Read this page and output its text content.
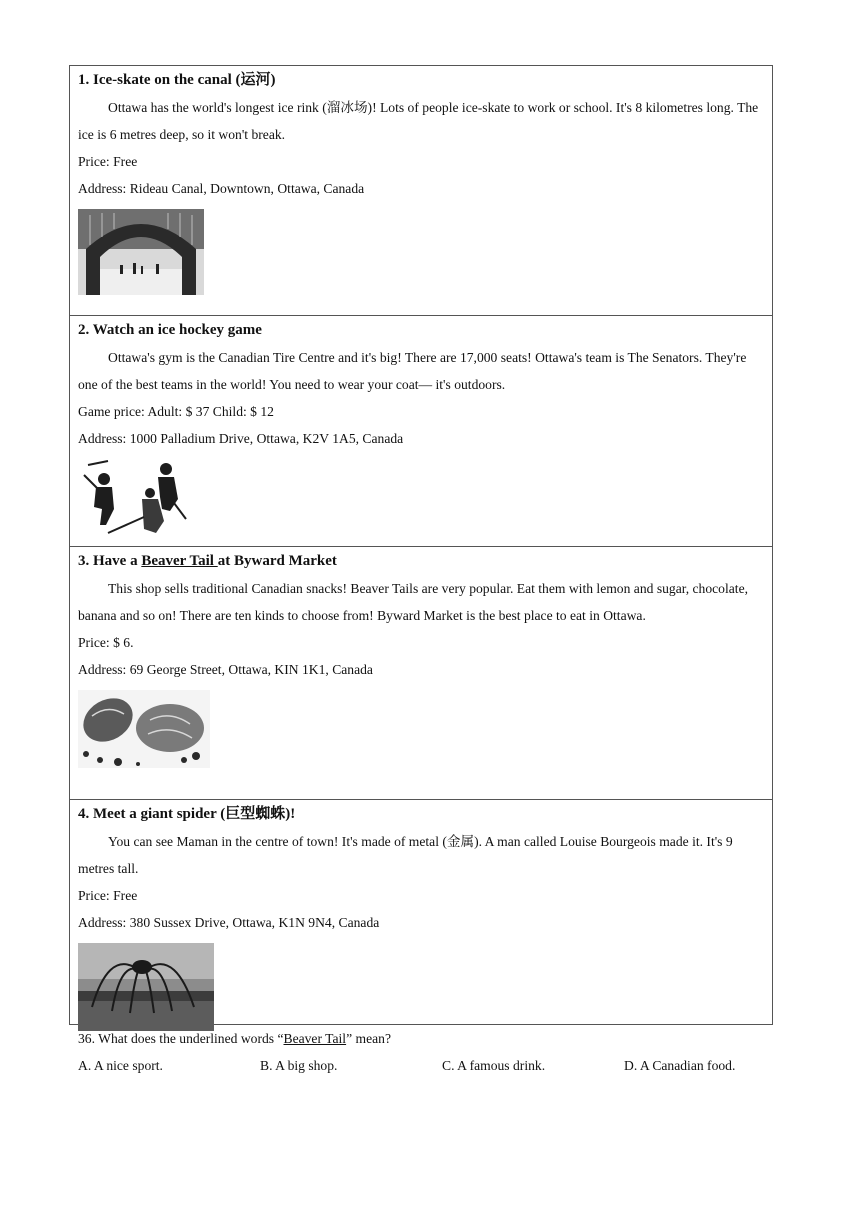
1. Ice-skate on the canal (运河)

Ottawa has the world's longest ice rink (溜冰场)! Lots of people ice-skate to work or school. It's 8 kilometres long. The ice is 6 metres deep, so it won't break.

Price: Free

Address: Rideau Canal, Downtown, Ottawa, Canada

2. Watch an ice hockey game

Ottawa's gym is the Canadian Tire Centre and it's big! There are 17,000 seats! Ottawa's team is The Senators. They're one of the best teams in the world! You need to wear your coat— it's outdoors.

Game price: Adult: $ 37 Child: $ 12

Address: 1000 Palladium Drive, Ottawa, K2V 1A5, Canada

3. Have a Beaver Tail at Byward Market

This shop sells traditional Canadian snacks! Beaver Tails are very popular. Eat them with lemon and sugar, chocolate, banana and so on! There are ten kinds to choose from! Byward Market is the best place to eat in Ottawa.

Price: $ 6.

Address: 69 George Street, Ottawa, KIN 1K1, Canada

4. Meet a giant spider (巨型蜘蛛)!

You can see Maman in the centre of town! It's made of metal (金属). A man called Louise Bourgeois made it. It's 9 metres tall.

Price: Free

Address: 380 Sussex Drive, Ottawa, K1N 9N4, Canada

36. What does the underlined words “Beaver Tail” mean?
A. A nice sport.	B. A big shop.	C. A famous drink.	D. A Canadian food.
